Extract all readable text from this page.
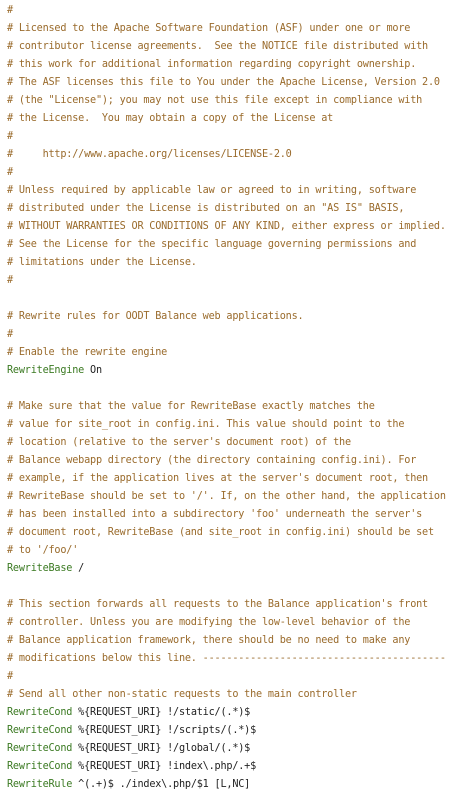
#
# Licensed to the Apache Software Foundation (ASF) under one or more
# contributor license agreements.  See the NOTICE file distributed with
# this work for additional information regarding copyright ownership.
# The ASF licenses this file to You under the Apache License, Version 2.0
# (the "License"); you may not use this file except in compliance with
# the License.  You may obtain a copy of the License at
#
#     http://www.apache.org/licenses/LICENSE-2.0
#
# Unless required by applicable law or agreed to in writing, software
# distributed under the License is distributed on an "AS IS" BASIS,
# WITHOUT WARRANTIES OR CONDITIONS OF ANY KIND, either express or implied.
# See the License for the specific language governing permissions and
# limitations under the License.
#
# Rewrite rules for OODT Balance web applications.
#
# Enable the rewrite engine
RewriteEngine On
# Make sure that the value for RewriteBase exactly matches the
# value for site_root in config.ini. This value should point to the
# location (relative to the server's document root) of the
# Balance webapp directory (the directory containing config.ini). For
# example, if the application lives at the server's document root, then
# RewriteBase should be set to '/'. If, on the other hand, the application
# has been installed into a subdirectory 'foo' underneath the server's
# document root, RewriteBase (and site_root in config.ini) should be set
# to '/foo/'
RewriteBase /
# This section forwards all requests to the Balance application's front
# controller. Unless you are modifying the low-level behavior of the
# Balance application framework, there should be no need to make any
# modifications below this line. -----------------------------------------
#
# Send all other non-static requests to the main controller
RewriteCond %{REQUEST_URI} !/static/(.*)$
RewriteCond %{REQUEST_URI} !/scripts/(.*)$
RewriteCond %{REQUEST_URI} !/global/(.*)$
RewriteCond %{REQUEST_URI} !index\.php/.+$
RewriteRule ^(.+)$ ./index\.php/$1 [L,NC]
